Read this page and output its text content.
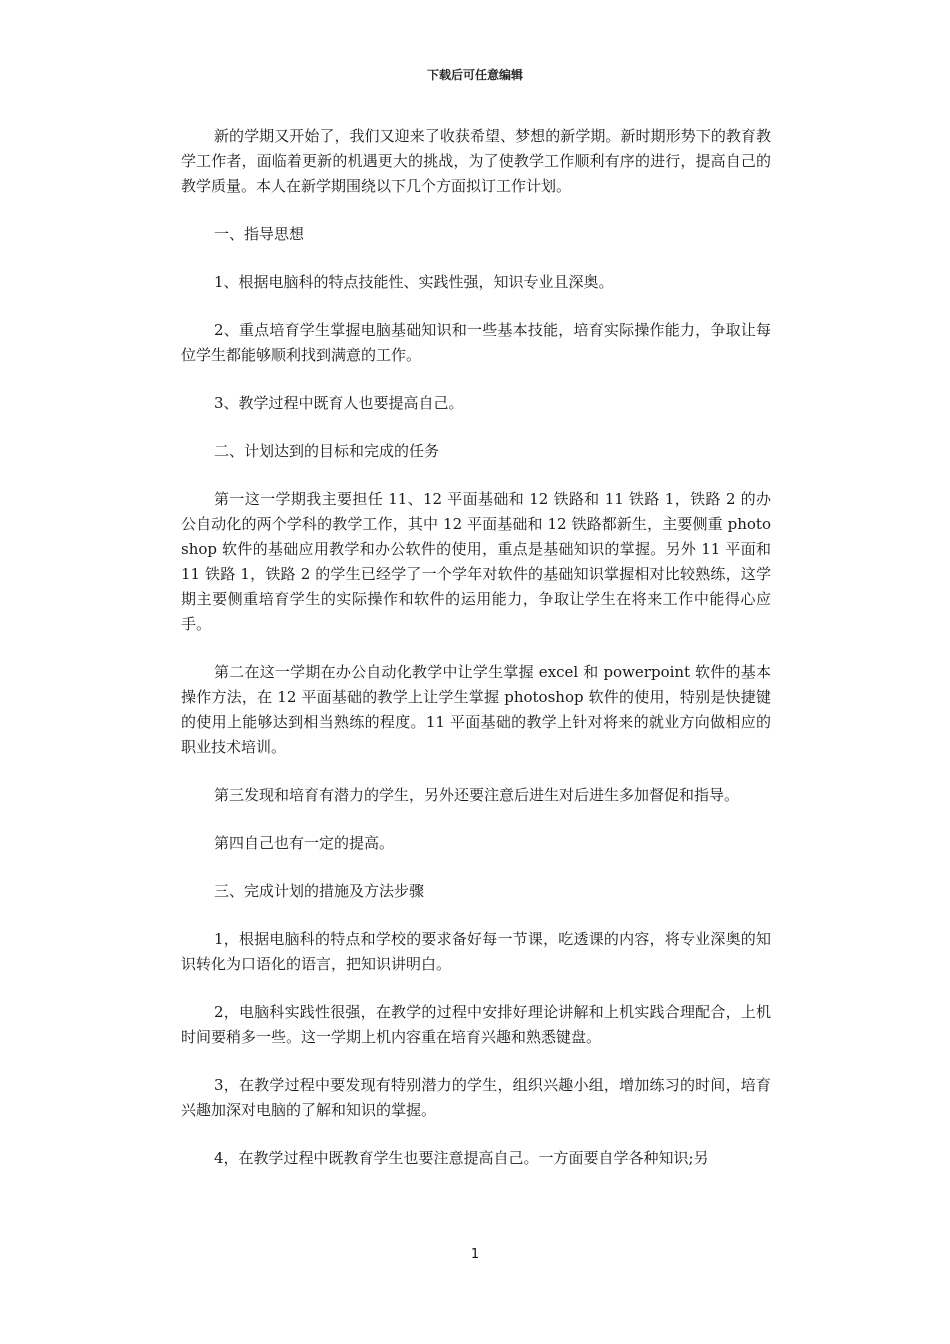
下载后可任意编辑

新的学期又开始了，我们又迎来了收获希望、梦想的新学期。新时期形势下的教育教学工作者，面临着更新的机遇更大的挑战，为了使教学工作顺利有序的进行，提高自己的教学质量。本人在新学期围绕以下几个方面拟订工作计划。

一、指导思想

1、根据电脑科的特点技能性、实践性强，知识专业且深奥。

2、重点培育学生掌握电脑基础知识和一些基本技能，培育实际操作能力，争取让每位学生都能够顺利找到满意的工作。

3、教学过程中既育人也要提高自己。

二、计划达到的目标和完成的任务

第一这一学期我主要担任 11、12 平面基础和 12 铁路和 11 铁路 1，铁路 2 的办公自动化的两个学科的教学工作，其中 12 平面基础和 12 铁路都新生，主要侧重 photoshop 软件的基础应用教学和办公软件的使用，重点是基础知识的掌握。另外 11 平面和 11 铁路 1，铁路 2 的学生已经学了一个学年对软件的基础知识掌握相对比较熟练，这学期主要侧重培育学生的实际操作和软件的运用能力，争取让学生在将来工作中能得心应手。

第二在这一学期在办公自动化教学中让学生掌握 excel 和 powerpoint 软件的基本操作方法，在 12 平面基础的教学上让学生掌握 photoshop 软件的使用，特别是快捷键的使用上能够达到相当熟练的程度。11 平面基础的教学上针对将来的就业方向做相应的职业技术培训。

第三发现和培育有潜力的学生，另外还要注意后进生对后进生多加督促和指导。

第四自己也有一定的提高。

三、完成计划的措施及方法步骤

1，根据电脑科的特点和学校的要求备好每一节课，吃透课的内容，将专业深奥的知识转化为口语化的语言，把知识讲明白。

2，电脑科实践性很强，在教学的过程中安排好理论讲解和上机实践合理配合，上机时间要稍多一些。这一学期上机内容重在培育兴趣和熟悉键盘。

3，在教学过程中要发现有特别潜力的学生，组织兴趣小组，增加练习的时间，培育兴趣加深对电脑的了解和知识的掌握。

4，在教学过程中既教育学生也要注意提高自己。一方面要自学各种知识;另

1
